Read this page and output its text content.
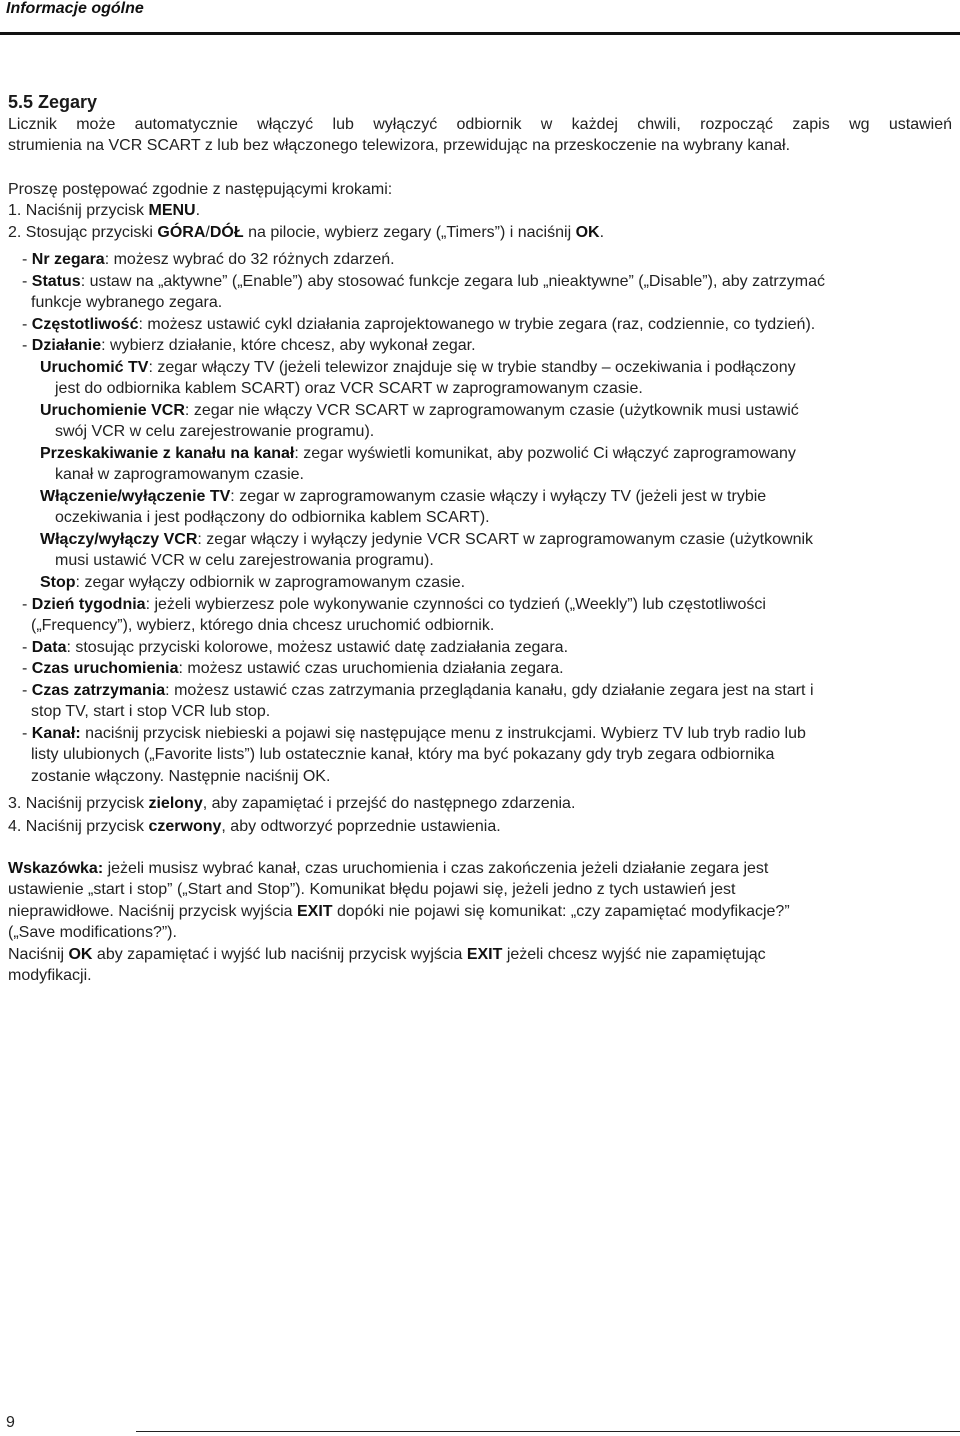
Informacje ogólne
5.5 Zegary
Licznik może automatycznie włączyć lub wyłączyć odbiornik w każdej chwili, rozpocząć zapis wg ustawień
strumienia na VCR SCART z lub bez włączonego telewizora, przewidując na przeskoczenie na wybrany kanał.
Proszę postępować zgodnie z następującymi krokami:
1. Naciśnij przycisk MENU.
2. Stosując przyciski GÓRA/DÓŁ na pilocie, wybierz zegary („Timers”) i naciśnij OK.
- Nr zegara: możesz wybrać do 32 różnych zdarzeń.
- Status: ustaw na „aktywne” („Enable”) aby stosować funkcje zegara lub „nieaktywne” („Disable”), aby zatrzymać
funkcje wybranego zegara.
- Częstotliwość: możesz ustawić cykl działania zaprojektowanego w trybie zegara (raz, codziennie, co tydzień).
- Działanie: wybierz działanie, które chcesz, aby wykonał zegar.
Uruchomić TV: zegar włączy TV (jeżeli telewizor znajduje się w trybie standby – oczekiwania i podłączony
jest do odbiornika kablem SCART) oraz VCR SCART w zaprogramowanym czasie.
Uruchomienie VCR: zegar nie włączy VCR SCART w zaprogramowanym czasie (użytkownik musi ustawić
swój VCR w celu zarejestrowanie programu).
Przeskakiwanie z kanału na kanał: zegar wyświetli komunikat, aby pozwolić Ci włączyć zaprogramowany
kanał w zaprogramowanym czasie.
Włączenie/wyłączenie TV: zegar w zaprogramowanym czasie włączy i wyłączy TV (jeżeli jest w trybie
oczekiwania i jest podłączony do odbiornika kablem SCART).
Włączy/wyłączy VCR: zegar włączy i wyłączy jedynie VCR SCART w zaprogramowanym czasie (użytkownik
musi ustawić VCR w celu zarejestrowania programu).
Stop: zegar wyłączy odbiornik w zaprogramowanym czasie.
- Dzień tygodnia: jeżeli wybierzesz pole wykonywanie czynności co tydzień („Weekly”) lub częstotliwości
(„Frequency”), wybierz, którego dnia chcesz uruchomić odbiornik.
- Data: stosując przyciski kolorowe, możesz ustawić datę zadziałania zegara.
- Czas uruchomienia: możesz ustawić czas uruchomienia działania zegara.
- Czas zatrzymania: możesz ustawić czas zatrzymania przeglądania kanału, gdy działanie zegara jest na start i
stop TV, start i stop VCR lub stop.
- Kanał: naciśnij przycisk niebieski a pojawi się następujące menu z instrukcjami. Wybierz TV lub tryb radio lub
listy ulubionych („Favorite lists”) lub ostatecznie kanał, który ma być pokazany gdy tryb zegara odbiornika
zostanie włączony. Następnie naciśnij OK.
3. Naciśnij przycisk zielony, aby zapamiętać i przejść do następnego zdarzenia.
4. Naciśnij przycisk czerwony, aby odtworzyć poprzednie ustawienia.
Wskazówka: jeżeli musisz wybrać kanał, czas uruchomienia i czas zakończenia jeżeli działanie zegara jest
ustawienie „start i stop” („Start and Stop”). Komunikat błędu pojawi się, jeżeli jedno z tych ustawień jest
nieprawidłowe. Naciśnij przycisk wyjścia EXIT dopóki nie pojawi się komunikat: „czy zapamiętać modyfikacje?”
(„Save modifications?”).
Naciśnij OK aby zapamiętać i wyjść lub naciśnij przycisk wyjścia EXIT jeżeli chcesz wyjść nie zapamiętując
modyfikacji.
9
